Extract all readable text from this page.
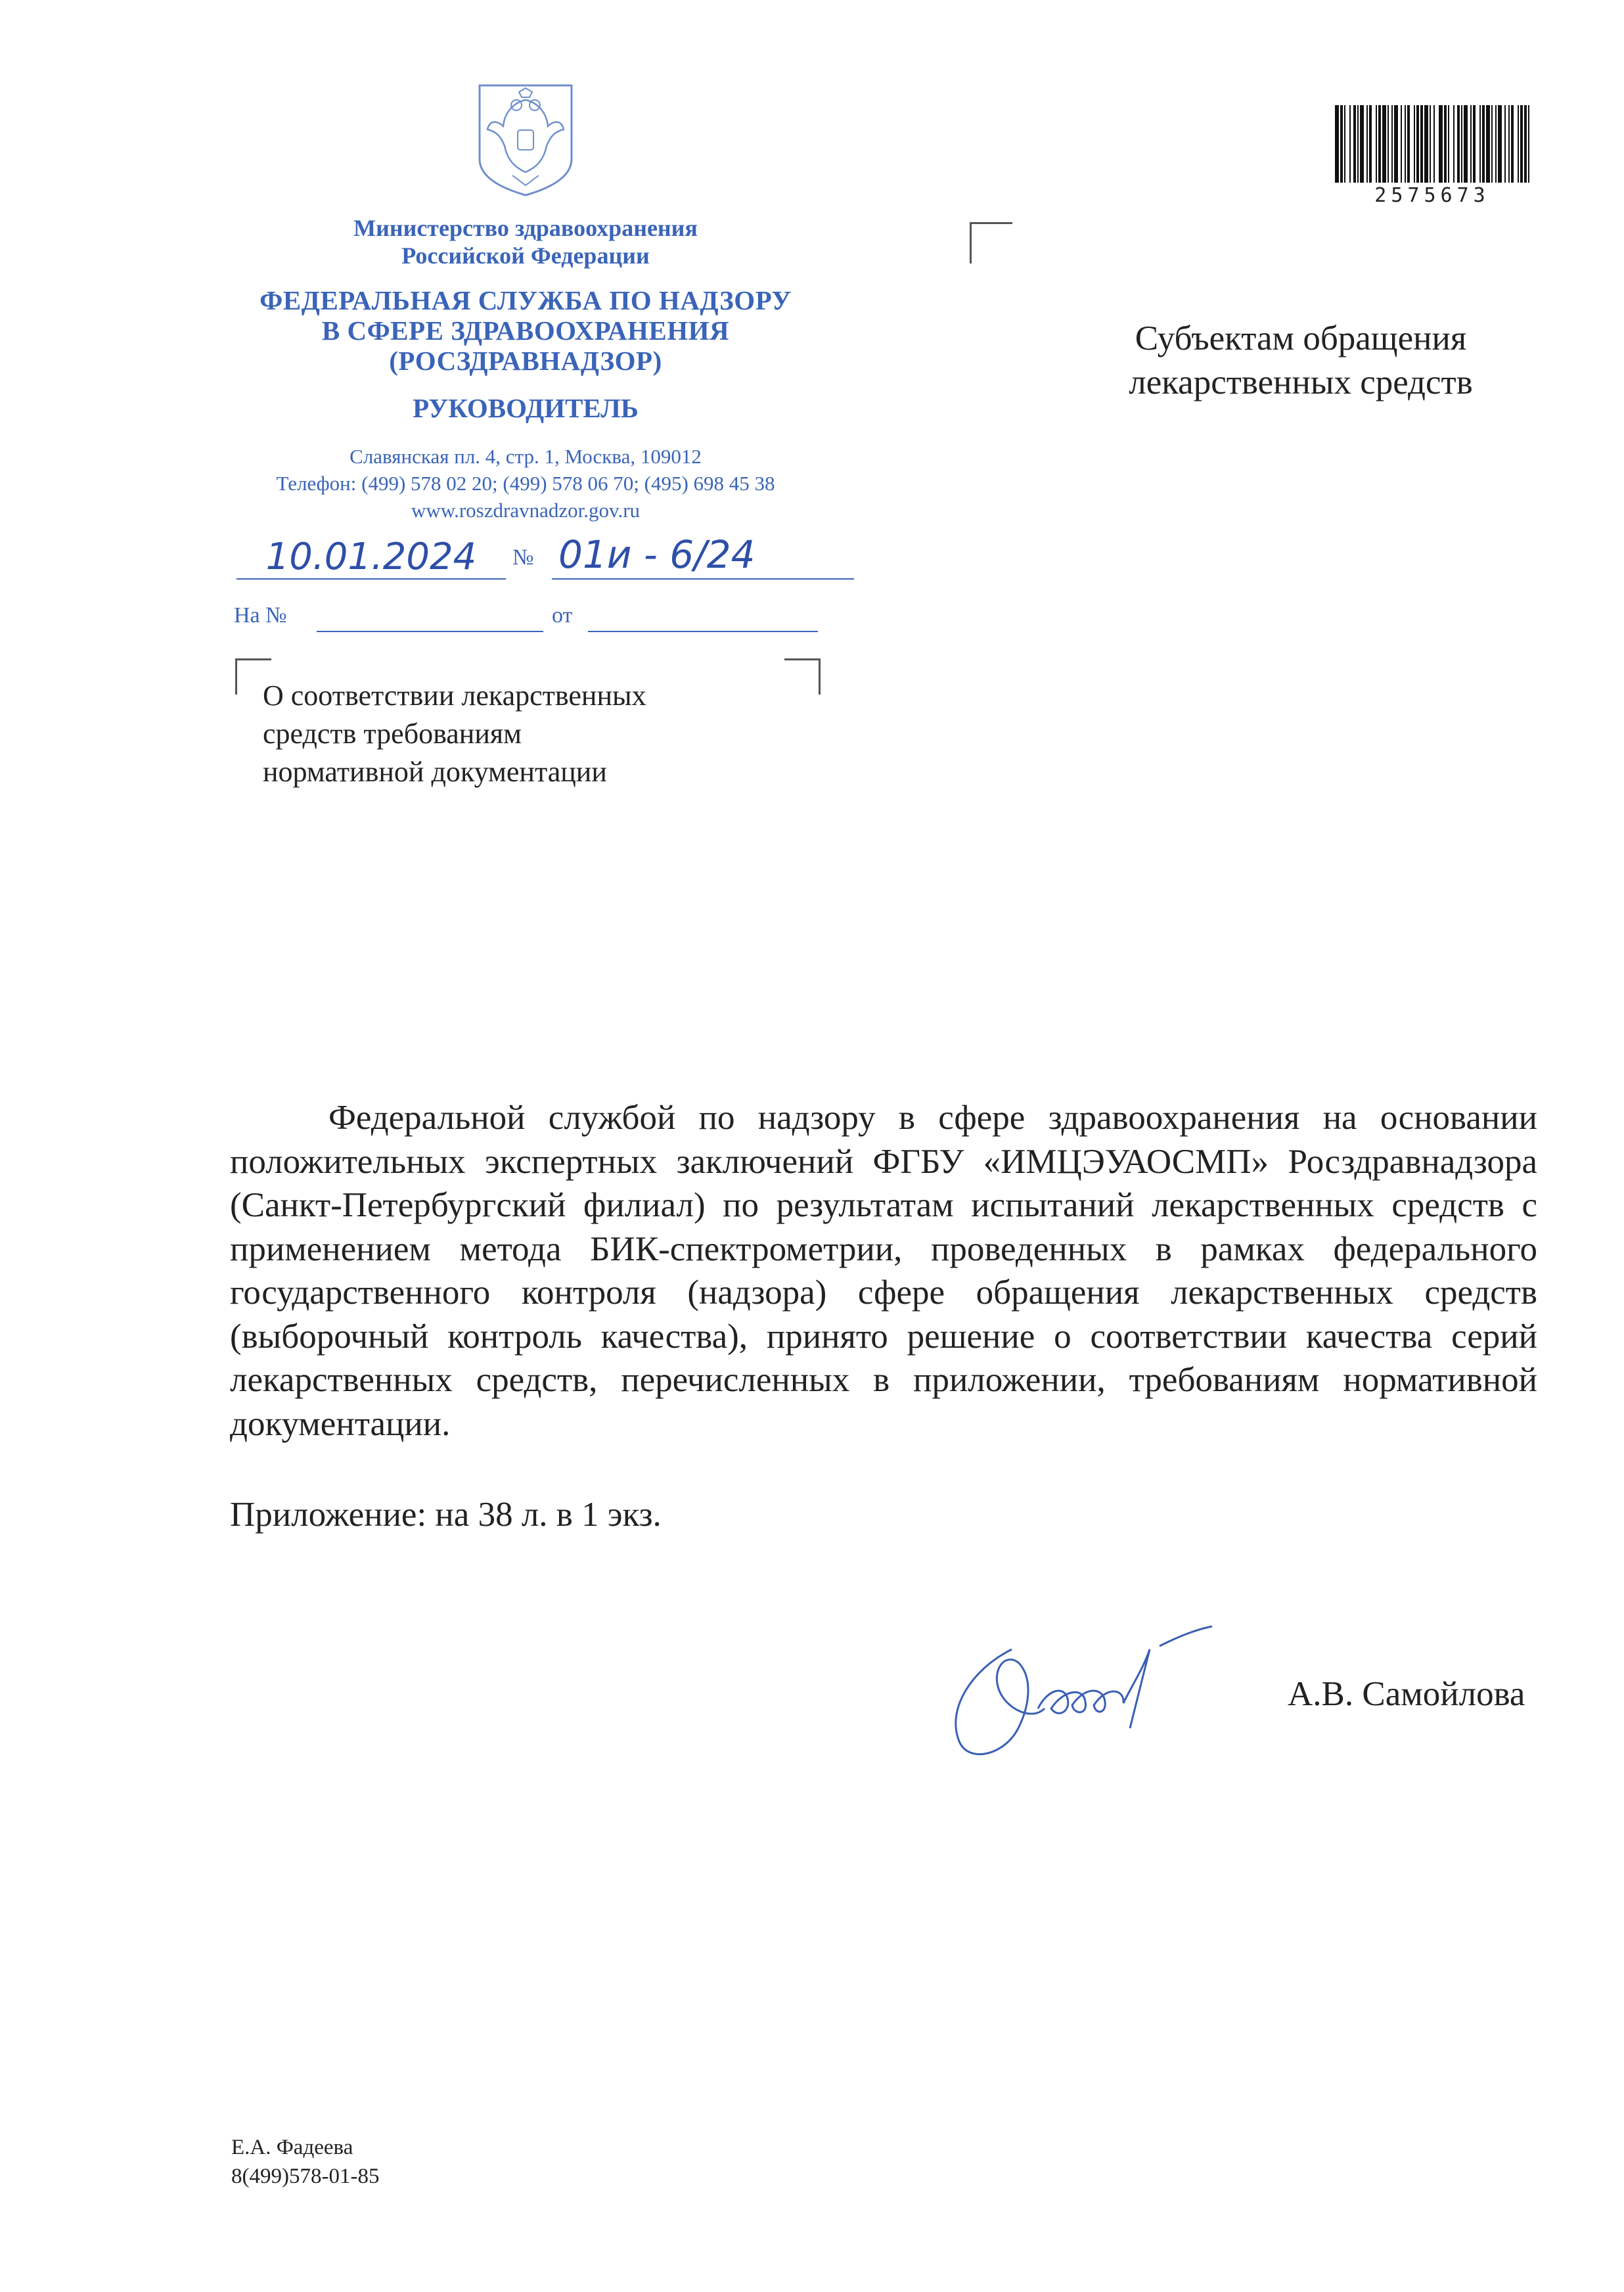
Министерство здравоохранения
Российской Федерации
ФЕДЕРАЛЬНАЯ СЛУЖБА ПО НАДЗОРУ
В СФЕРЕ ЗДРАВООХРАНЕНИЯ
(РОСЗДРАВНАДЗОР)
РУКОВОДИТЕЛЬ
Славянская пл. 4, стр. 1, Москва, 109012
Телефон: (499) 578 02 20; (499) 578 06 70; (495) 698 45 38
www.roszdravnadzor.gov.ru
10.01.2024	№ 01и - 6/24
На №	от
О соответствии лекарственных
средств требованиям
нормативной документации
Субъектам обращения
лекарственных средств
2575673
Федеральной службой по надзору в сфере здравоохранения на основании положительных экспертных заключений ФГБУ «ИМЦЭУАОСМП» Росздравнадзора (Санкт-Петербургский филиал) по результатам испытаний лекарственных средств с применением метода БИК-спектрометрии, проведенных в рамках федерального государственного контроля (надзора) сфере обращения лекарственных средств (выборочный контроль качества), принято решение о соответствии качества серий лекарственных средств, перечисленных в приложении, требованиям нормативной документации.
Приложение: на 38 л. в 1 экз.
А.В. Самойлова
Е.А. Фадеева
8(499)578-01-85
